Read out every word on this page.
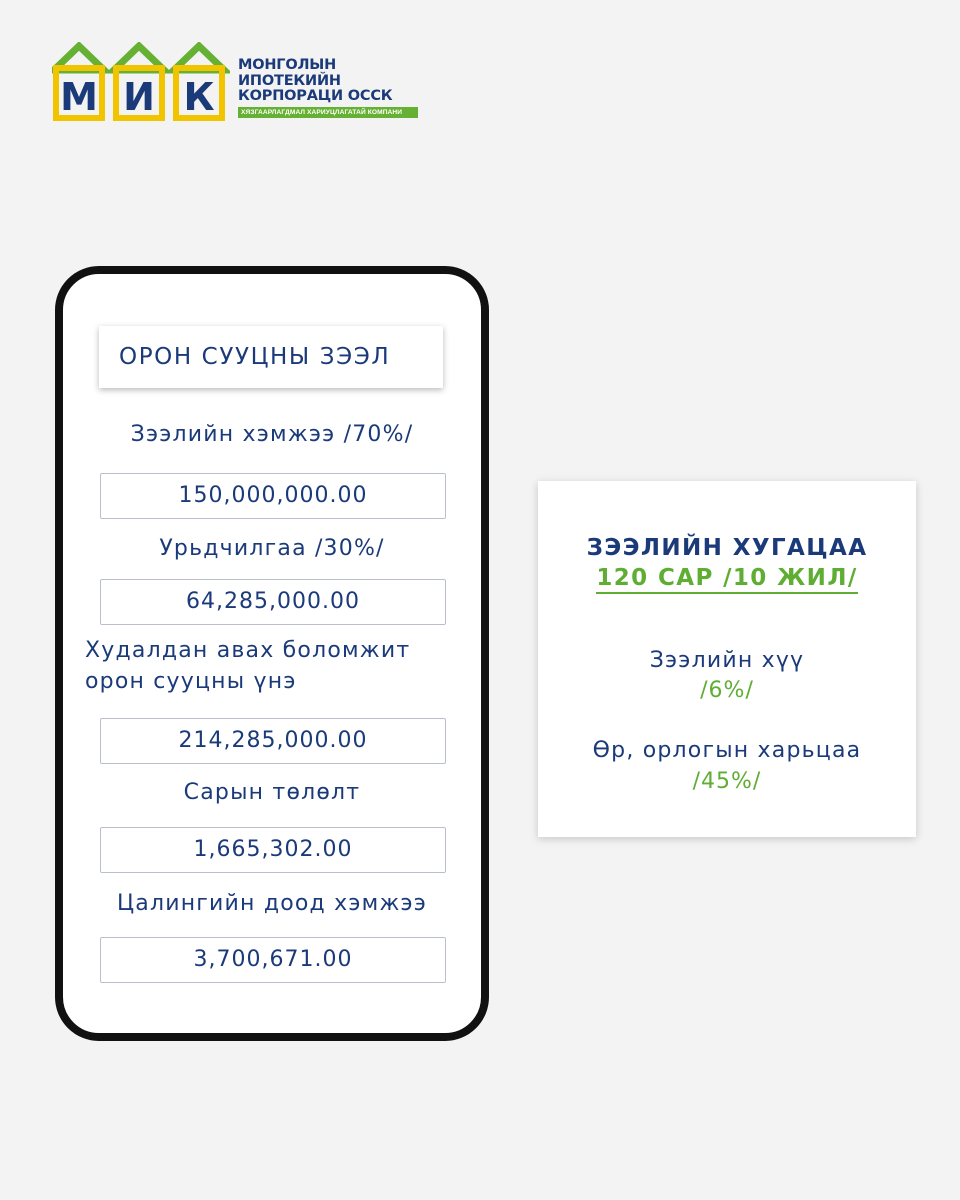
М И К
МОНГОЛЫН
ИПОТЕКИЙН
КОРПОРАЦИ ОССК
ХЯЗГААРЛАГДМАЛ ХАРИУЦЛАГАТАЙ КОМПАНИ
ОРОН СУУЦНЫ ЗЭЭЛ
Зээлийн хэмжээ /70%/
150,000,000.00
Урьдчилгаа /30%/
64,285,000.00
Худалдан авах боломжит
орон сууцны үнэ
214,285,000.00
Сарын төлөлт
1,665,302.00
Цалингийн доод хэмжээ
3,700,671.00
ЗЭЭЛИЙН ХУГАЦАА
120 САР /10 ЖИЛ/
Зээлийн хүү
/6%/
Өр, орлогын харьцаа
/45%/
